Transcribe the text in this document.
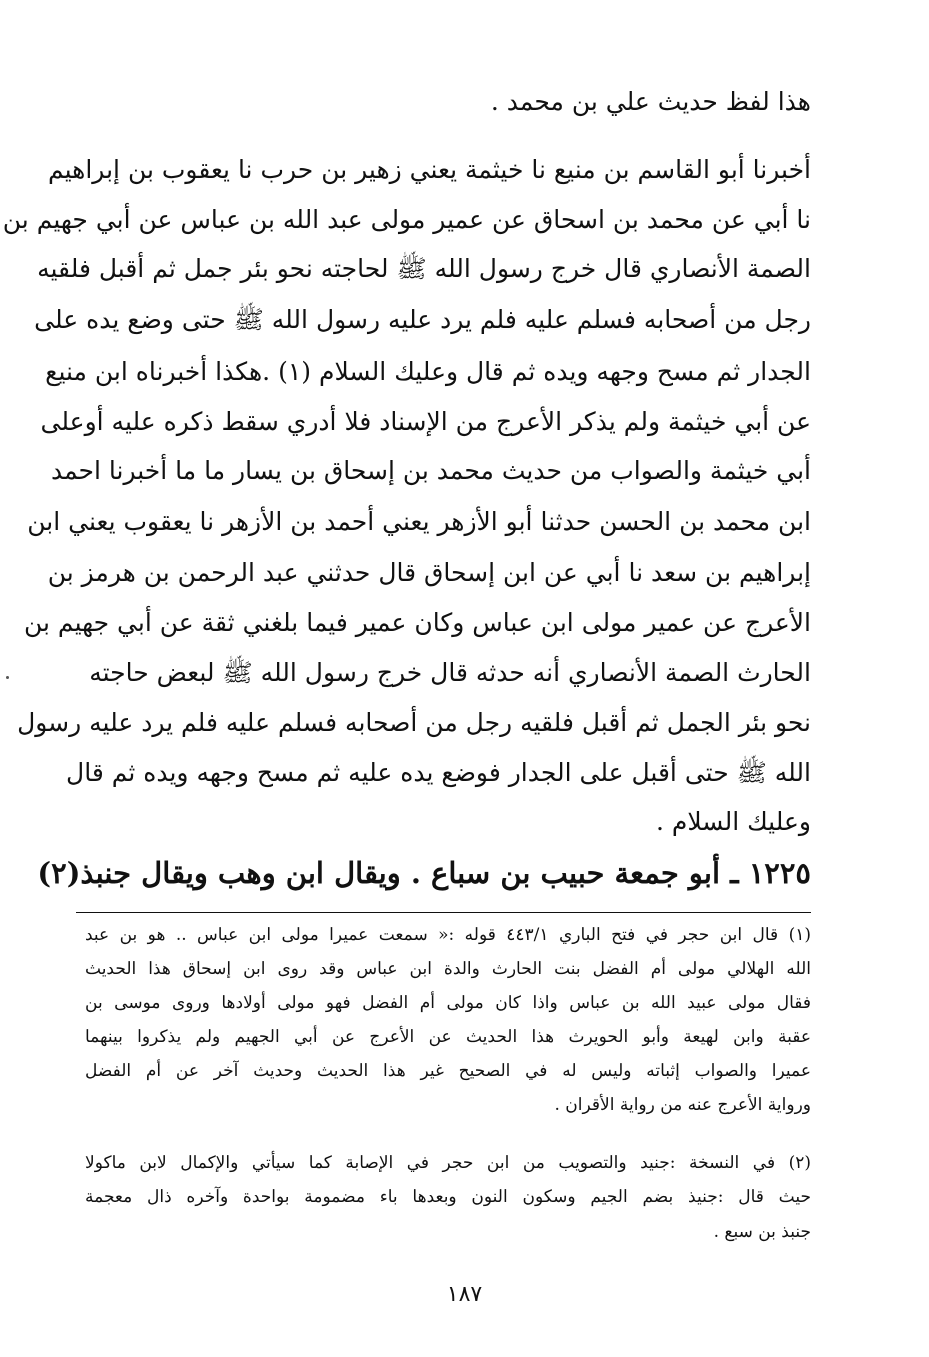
هذا لفظ حديث علي بن محمد .
أخبرنا أبو القاسم بن منيع نا خيثمة يعني زهير بن حرب نا يعقوب بن إبراهيم
نا أبي عن محمد بن اسحاق عن عمير مولى عبد الله بن عباس عن أبي جهيم بن
الصمة الأنصاري قال خرج رسول الله ﷺ لحاجته نحو بئر جمل ثم أقبل فلقيه
رجل من أصحابه فسلم عليه فلم يرد عليه رسول الله ﷺ حتى وضع يده على
الجدار ثم مسح وجهه ويده ثم قال وعليك السلام (١) .هكذا أخبرناه ابن منيع
عن أبي خيثمة ولم يذكر الأعرج من الإسناد فلا أدري سقط ذكره عليه أوعلى
أبي خيثمة والصواب من حديث محمد بن إسحاق بن يسار ما ما أخبرنا احمد
ابن محمد بن الحسن حدثنا أبو الأزهر يعني أحمد بن الأزهر نا يعقوب يعني ابن
إبراهيم بن سعد نا أبي عن ابن إسحاق قال حدثني عبد الرحمن بن هرمز بن
الأعرج عن عمير مولى ابن عباس وكان عمير فيما بلغني ثقة عن أبي جهيم بن
الحارث الصمة الأنصاري أنه حدثه قال خرج رسول الله ﷺ لبعض حاجته
نحو بئر الجمل ثم أقبل فلقيه رجل من أصحابه فسلم عليه فلم يرد عليه رسول
الله ﷺ حتى أقبل على الجدار فوضع يده عليه ثم مسح وجهه ويده ثم قال
وعليك السلام .
١٢٢٥ ـ أبو جمعة حبيب بن سباع . ويقال ابن وهب ويقال جنبذ(٢)
(١) قال ابن حجر في فتح الباري ٤٤٣/١ قوله :« سمعت عميرا مولى ابن عباس .. هو بن عبد
الله الهلالي مولى أم الفضل بنت الحارث والدة ابن عباس وقد روى ابن إسحاق هذا الحديث
فقال مولى عبيد الله بن عباس واذا كان مولى أم الفضل فهو مولى أولادها وروى موسى بن
عقبة وابن لهيعة وأبو الحويرث هذا الحديث عن الأعرج عن أبي الجهيم ولم يذكروا بينهما
عميرا والصواب إثباته وليس له في الصحيح غير هذا الحديث وحديث آخر عن أم الفضل
ورواية الأعرج عنه من رواية الأقران .
(٢) في النسخة :جنيد والتصويب من ابن حجر في الإصابة كما سيأتي والإكمال لابن ماكولا
حيث قال :جنيذ بضم الجيم وسكون النون وبعدها باء مضمومة بواحدة وآخره ذال معجمة
جنبذ بن سبع .
١٨٧
